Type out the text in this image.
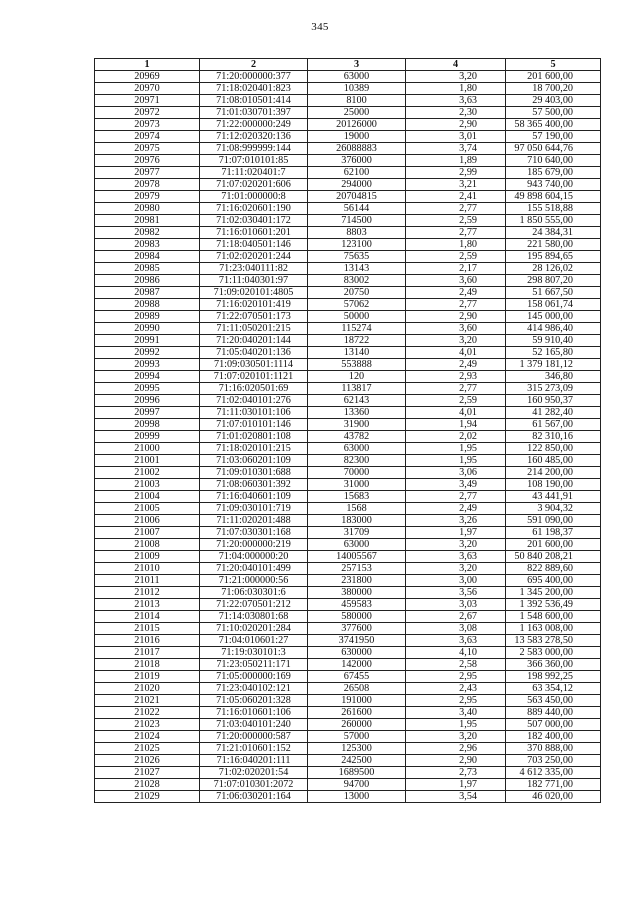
345
1	2	3	4	5
20969	71:20:000000:377	63000	3,20	201 600,00
20970	71:18:020401:823	10389	1,80	18 700,20
20971	71:08:010501:414	8100	3,63	29 403,00
20972	71:01:030701:397	25000	2,30	57 500,00
20973	71:22:000000:249	20126000	2,90	58 365 400,00
20974	71:12:020320:136	19000	3,01	57 190,00
20975	71:08:999999:144	26088883	3,74	97 050 644,76
20976	71:07:010101:85	376000	1,89	710 640,00
20977	71:11:020401:7	62100	2,99	185 679,00
20978	71:07:020201:606	294000	3,21	943 740,00
20979	71:01:000000:8	20704815	2,41	49 898 604,15
20980	71:16:020601:190	56144	2,77	155 518,88
20981	71:02:030401:172	714500	2,59	1 850 555,00
20982	71:16:010601:201	8803	2,77	24 384,31
20983	71:18:040501:146	123100	1,80	221 580,00
20984	71:02:020201:244	75635	2,59	195 894,65
20985	71:23:040111:82	13143	2,17	28 126,02
20986	71:11:040301:97	83002	3,60	298 807,20
20987	71:09:020101:4805	20750	2,49	51 667,50
20988	71:16:020101:419	57062	2,77	158 061,74
20989	71:22:070501:173	50000	2,90	145 000,00
20990	71:11:050201:215	115274	3,60	414 986,40
20991	71:20:040201:144	18722	3,20	59 910,40
20992	71:05:040201:136	13140	4,01	52 165,80
20993	71:09:030501:1114	553888	2,49	1 379 181,12
20994	71:07:020101:1121	120	2,93	346,80
20995	71:16:020501:69	113817	2,77	315 273,09
20996	71:02:040101:276	62143	2,59	160 950,37
20997	71:11:030101:106	13360	4,01	41 282,40
20998	71:07:010101:146	31900	1,94	61 567,00
20999	71:01:020801:108	43782	2,02	82 310,16
21000	71:18:020101:215	63000	1,95	122 850,00
21001	71:03:060201:109	82300	1,95	160 485,00
21002	71:09:010301:688	70000	3,06	214 200,00
21003	71:08:060301:392	31000	3,49	108 190,00
21004	71:16:040601:109	15683	2,77	43 441,91
21005	71:09:030101:719	1568	2,49	3 904,32
21006	71:11:020201:488	183000	3,26	591 090,00
21007	71:07:030301:168	31709	1,97	61 198,37
21008	71:20:000000:219	63000	3,20	201 600,00
21009	71:04:000000:20	14005567	3,63	50 840 208,21
21010	71:20:040101:499	257153	3,20	822 889,60
21011	71:21:000000:56	231800	3,00	695 400,00
21012	71:06:030301:6	380000	3,56	1 345 200,00
21013	71:22:070501:212	459583	3,03	1 392 536,49
21014	71:14:030801:68	580000	2,67	1 548 600,00
21015	71:10:020201:284	377600	3,08	1 163 008,00
21016	71:04:010601:27	3741950	3,63	13 583 278,50
21017	71:19:030101:3	630000	4,10	2 583 000,00
21018	71:23:050211:171	142000	2,58	366 360,00
21019	71:05:000000:169	67455	2,95	198 992,25
21020	71:23:040102:121	26508	2,43	63 354,12
21021	71:05:060201:328	191000	2,95	563 450,00
21022	71:16:010601:106	261600	3,40	889 440,00
21023	71:03:040101:240	260000	1,95	507 000,00
21024	71:20:000000:587	57000	3,20	182 400,00
21025	71:21:010601:152	125300	2,96	370 888,00
21026	71:16:040201:111	242500	2,90	703 250,00
21027	71:02:020201:54	1689500	2,73	4 612 335,00
21028	71:07:010301:2072	94700	1,97	182 771,00
21029	71:06:030201:164	13000	3,54	46 020,00
